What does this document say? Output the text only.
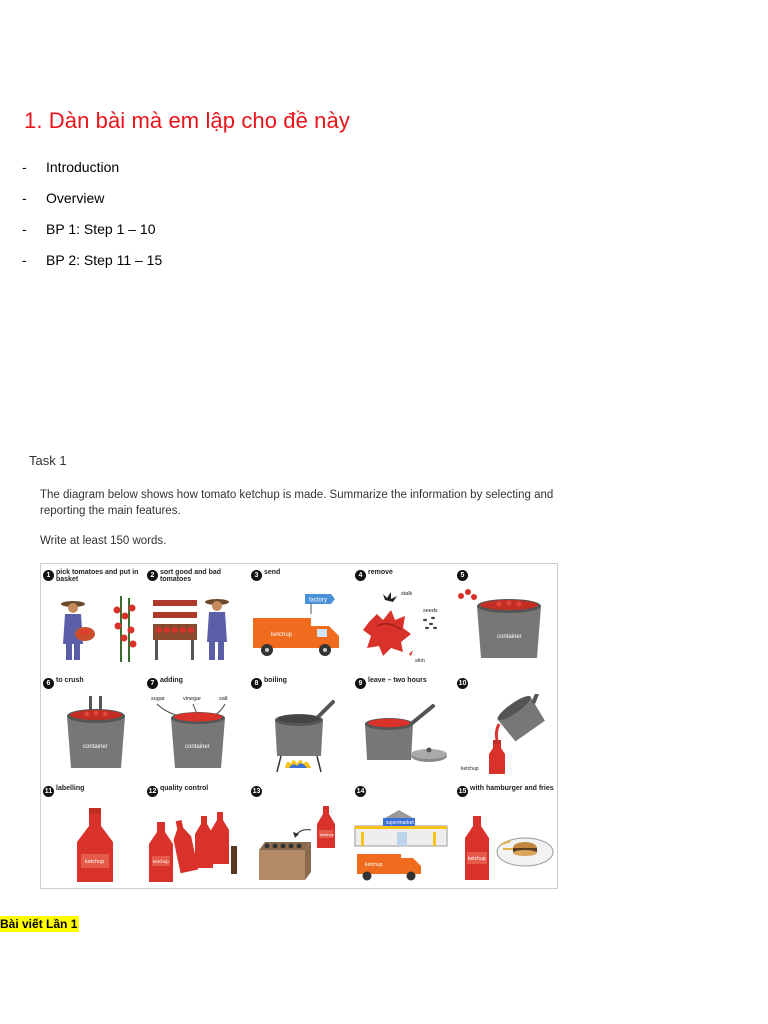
1. Dàn bài mà em lập cho đề này
- Introduction
- Overview
- BP 1: Step 1 – 10
- BP 2: Step 11 – 15
Task 1
The diagram below shows how tomato ketchup is made. Summarize the information by selecting and reporting the main features.
Write at least 150 words.
1 pick tomatoes and put in basket
2 sort good and bad tomatoes
3 send
factory
ketchup
4 remove
stalk
seeds
skin
5
container
6 to crush
container
7 adding
sugar	vinegar	salt
container
8 boiling	9 leave – two hours	10
ketchup
11 labelling
ketchup
12 quality control
ketchup
13
ketchup
14
supermarket
ketchup
15 with hamburger and fries
ketchup
Bài viết Lần 1
